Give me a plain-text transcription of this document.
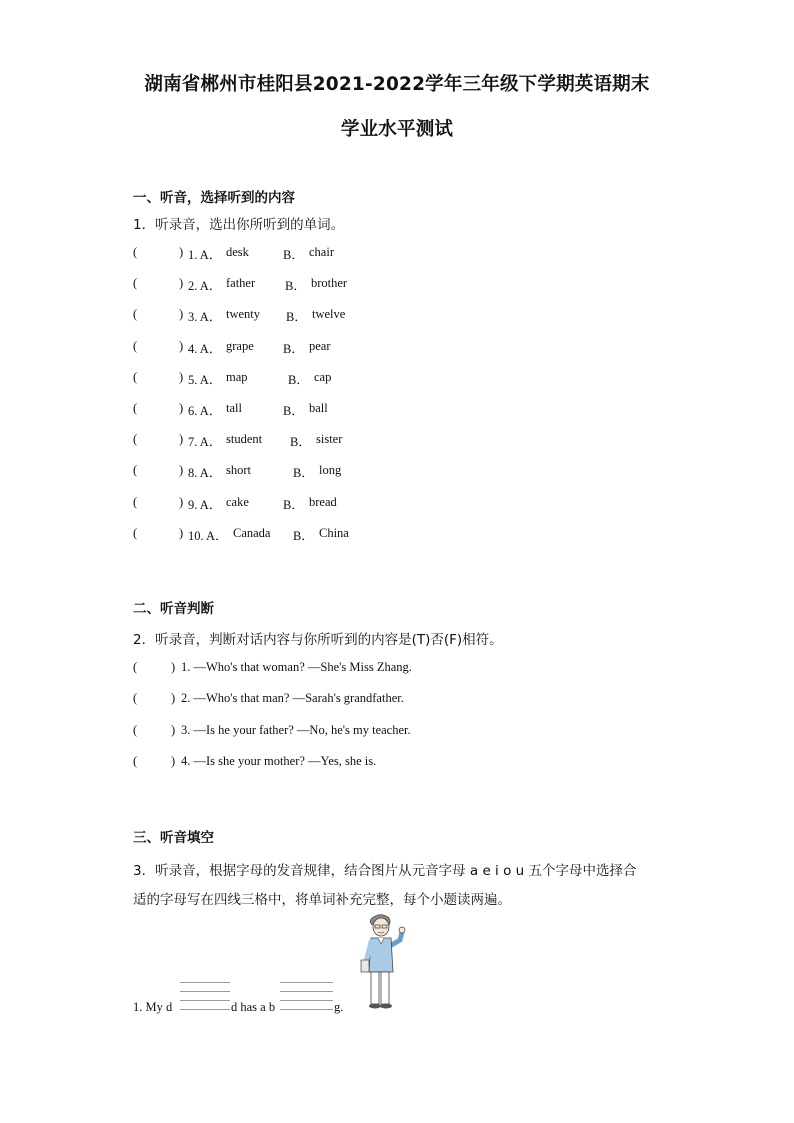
湖南省郴州市桂阳县2021-2022学年三年级下学期英语期末
学业水平测试
一、听音，选择听到的内容
1．听录音，选出你所听到的单词。
(	) 1. A． desk	B． chair
(	) 2. A． father B． brother
(	) 3. A． twenty B． twelve
(	) 4. A． grape B． pear
(	) 5. A． map	B． cap
(	) 6. A． tall	B． ball
(	) 7. A． student B． sister
(	) 8. A． short	B． long
(	) 9. A． cake	B． bread
(	) 10. A． Canada B． China
二、听音判断
2．听录音，判断对话内容与你所听到的内容是(T)否(F)相符。
(	) 1. —Who's that woman? —She's Miss Zhang.
(	) 2. —Who's that man? —Sarah's grandfather.
(	) 3. —Is he your father? —No, he's my teacher.
(	) 4. —Is she your mother? —Yes, she is.
三、听音填空
3．听录音，根据字母的发音规律，结合图片从元音字母 a e i o u 五个字母中选择合
适的字母写在四线三格中，将单词补充完整，每个小题读两遍。
1. My d	d has a b	g.
